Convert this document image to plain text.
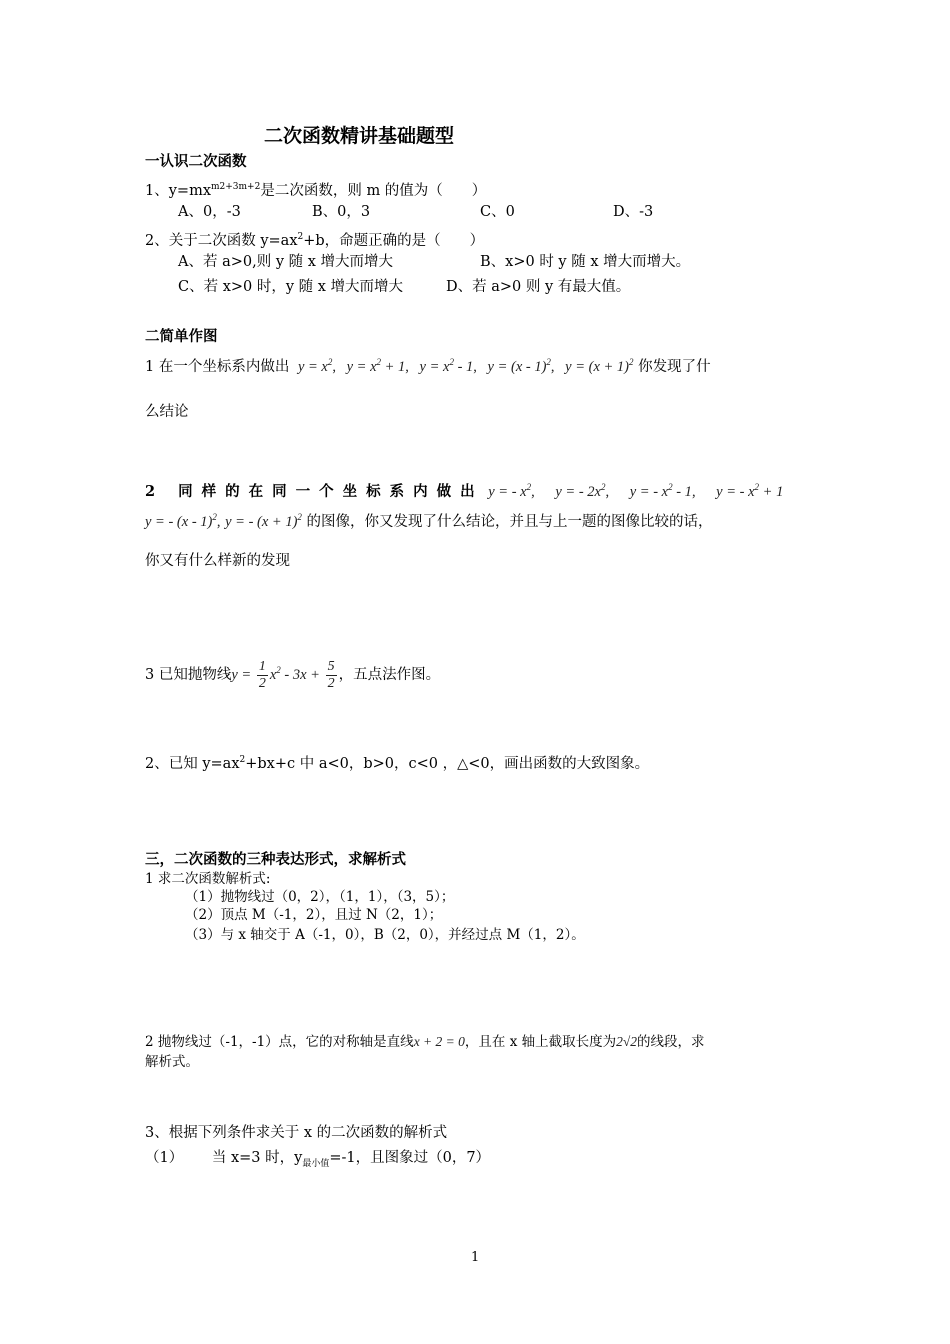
二次函数精讲基础题型
一认识二次函数
1、$y=mx^{m2+3m+2}$是二次函数，则 m 的值为（　　）
A、0，-3	B、0，3	C、0	D、-3
2、关于二次函数 $y=ax^2+b$，命题正确的是（　　）
A、若 a>0,则 y 随 x 增大而增大	B、x>0 时 y 随 x 增大而增大。
C、若 x>0 时，y 随 x 增大而增大	D、若 a>0 则 y 有最大值。
二简单作图
1 在一个坐标系内做出 $y = x^2$, $y = x^2 + 1$, $y = x^2 - 1$, y = (x - 1)$^2$, $y = (x + 1)^2$ 你发现了什
么结论
2 同样的在同一个坐标系内做出 y = - $x^2$, y = - $2x^2$, y = - $x^2 - 1$, y = - $x^2 + 1$
y = - (x - 1)$^2$, y = - $(x + 1)^2$ 的图像，你又发现了什么结论，并且与上一题的图像比较的话，
你又有什么样新的发现
3 已知抛物线$y = \frac{1}{2} x^2 - 3x + \frac{5}{2}$ ，五点法作图。
2、已知 $y=ax^2+bx+c$ 中 a<0，b>0，c<0 ，△<0，画出函数的大致图象。
三，二次函数的三种表达形式，求解析式
1 求二次函数解析式:
（1）抛物线过（0，2），（1，1），（3，5）；
（2）顶点 M（-1，2），且过 N（2，1）；
（3）与 x 轴交于 A（-1，0），B（2，0），并经过点 M（1，2）。
2 抛物线过（-1，-1）点，它的对称轴是直线x + 2 = 0，且在 x 轴上截取长度为2√2的线段，求
解析式。
3、根据下列条件求关于 x 的二次函数的解析式
（1） 当 x=3 时，$y_{最小值}=-1$，且图象过（0，7）
1
